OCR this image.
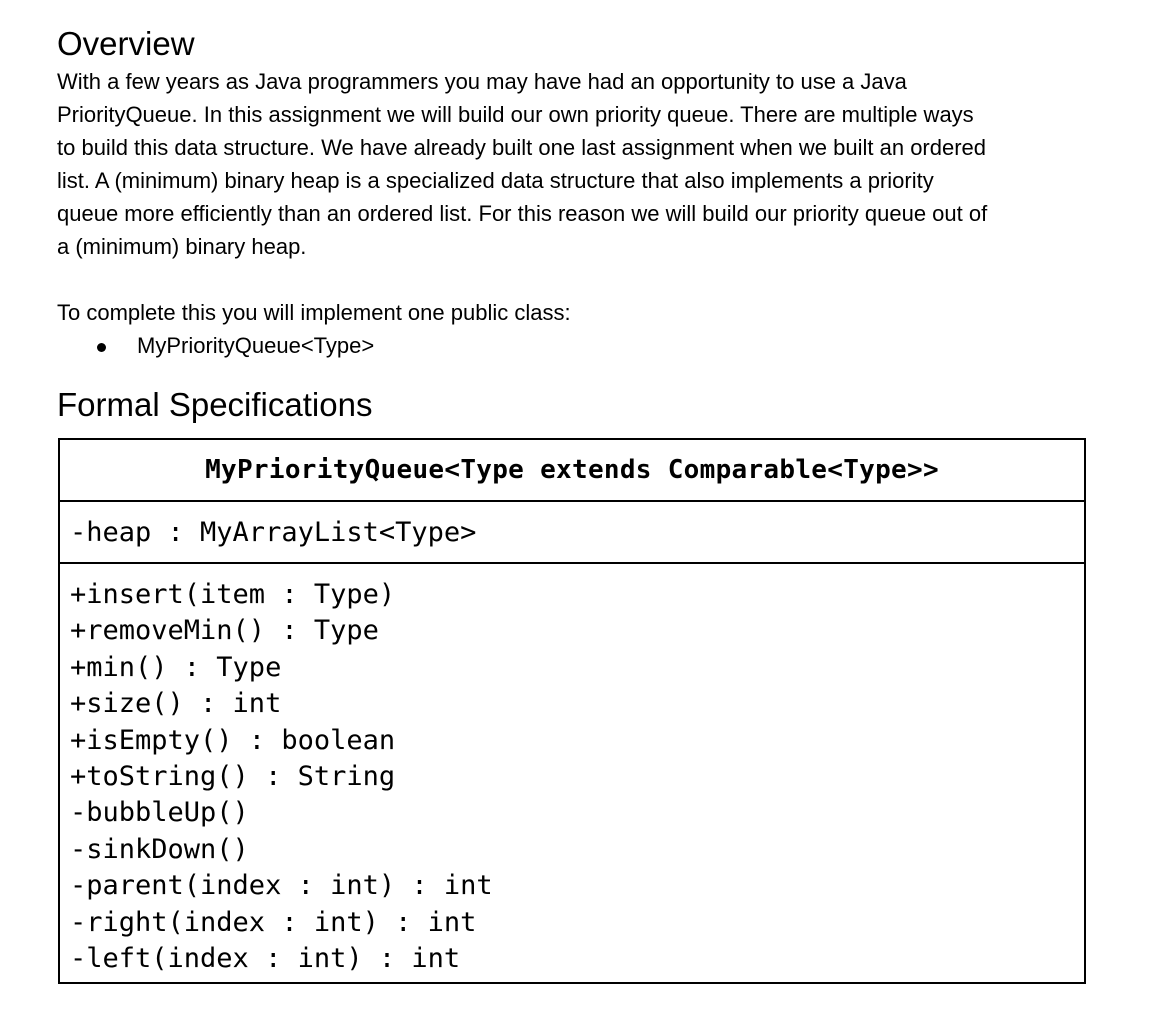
Overview
With a few years as Java programmers you may have had an opportunity to use a Java
PriorityQueue. In this assignment we will build our own priority queue. There are multiple ways
to build this data structure. We have already built one last assignment when we built an ordered
list. A (minimum) binary heap is a specialized data structure that also implements a priority
queue more efficiently than an ordered list. For this reason we will build our priority queue out of
a (minimum) binary heap.
To complete this you will implement one public class:
MyPriorityQueue<Type>
Formal Specifications
MyPriorityQueue<Type extends Comparable<Type>>
-heap : MyArrayList<Type>
+insert(item : Type)
+removeMin() : Type
+min() : Type
+size() : int
+isEmpty() : boolean
+toString() : String
-bubbleUp()
-sinkDown()
-parent(index : int) : int
-right(index : int) : int
-left(index : int) : int
